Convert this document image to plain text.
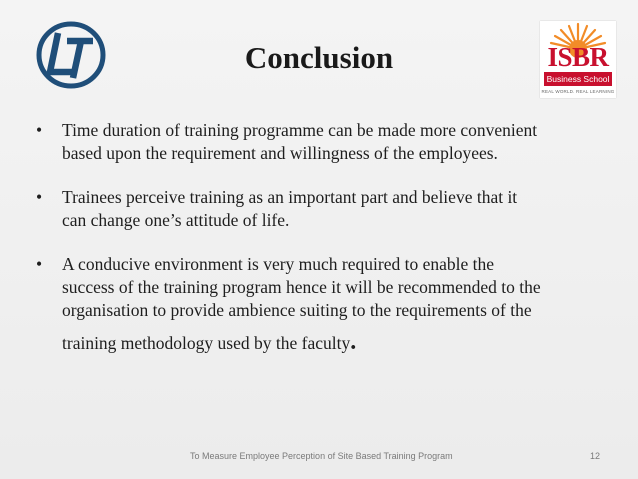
ISBR
Business School
REAL WORLD. REAL LEARNING
Conclusion
• Time duration of training programme can be made more convenient
based upon the requirement and willingness of the employees.
• Trainees perceive training as an important part and believe that it
can change one’s attitude of life.
• A conducive environment is very much required to enable the
success of the training program hence it will be recommended to the
organisation to provide ambience suiting to the requirements of the
training methodology used by the faculty.
To Measure Employee Perception of Site Based Training Program	12
